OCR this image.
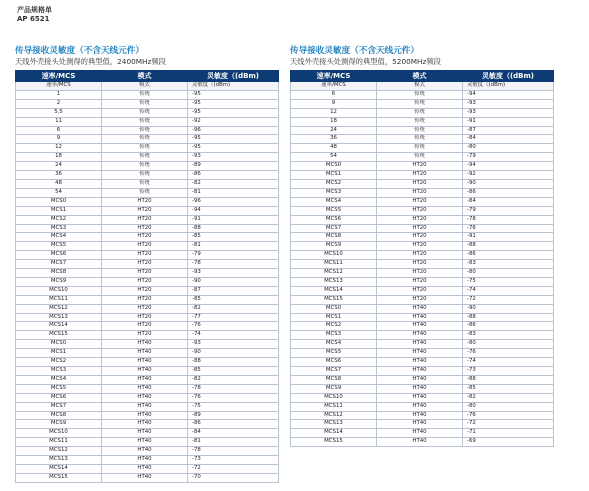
产品规格单
AP 6521
传导接收灵敏度（不含天线元件）
天线外壳接头处测得的典型值，2400MHz频段
速率/MCS	模式	灵敏度（(dBm)
速率/MCS	模式	灵敏度（(dBm)
1	传统	-95
2	传统	-95
5.5	传统	-95
11	传统	-92
6	传统	-96
9	传统	-95
12	传统	-95
18	传统	-93
24	传统	-89
36	传统	-86
48	传统	-82
54	传统	-81
MCS0	HT20	-96
MCS1	HT20	-94
MCS2	HT20	-91
MCS3	HT20	-88
MCS4	HT20	-85
MCS5	HT20	-81
MCS6	HT20	-79
MCS7	HT20	-78
MCS8	HT20	-93
MCS9	HT20	-90
MCS10	HT20	-87
MCS11	HT20	-85
MCS12	HT20	-82
MCS13	HT20	-77
MCS14	HT20	-76
MCS15	HT20	-74
MCS0	HT40	-93
MCS1	HT40	-90
MCS2	HT40	-88
MCS3	HT40	-85
MCS4	HT40	-82
MCS5	HT40	-78
MCS6	HT40	-76
MCS7	HT40	-75
MCS8	HT40	-89
MCS9	HT40	-86
MCS10	HT40	-84
MCS11	HT40	-81
MCS12	HT40	-78
MCS13	HT40	-73
MCS14	HT40	-72
MCS15	HT40	-70
传导接收灵敏度（不含天线元件）
天线外壳接头处测得的典型值，5200MHz频段
速率/MCS	模式	灵敏度（(dBm)
速率/MCS	模式	灵敏度（(dBm)
6	传统	-94
9	传统	-93
12	传统	-93
18	传统	-91
24	传统	-87
36	传统	-84
48	传统	-80
54	传统	-79
MCS0	HT20	-94
MCS1	HT20	-92
MCS2	HT20	-90
MCS3	HT20	-86
MCS4	HT20	-84
MCS5	HT20	-79
MCS6	HT20	-78
MCS7	HT20	-76
MCS8	HT20	-91
MCS9	HT20	-88
MCS10	HT20	-86
MCS11	HT20	-83
MCS12	HT20	-80
MCS13	HT20	-75
MCS14	HT20	-74
MCS15	HT20	-72
MCS0	HT40	-90
MCS1	HT40	-88
MCS2	HT40	-86
MCS3	HT40	-83
MCS4	HT40	-80
MCS5	HT40	-76
MCS6	HT40	-74
MCS7	HT40	-73
MCS8	HT40	-88
MCS9	HT40	-85
MCS10	HT40	-82
MCS11	HT40	-80
MCS12	HT40	-76
MCS13	HT40	-72
MCS14	HT40	-71
MCS15	HT40	-69
